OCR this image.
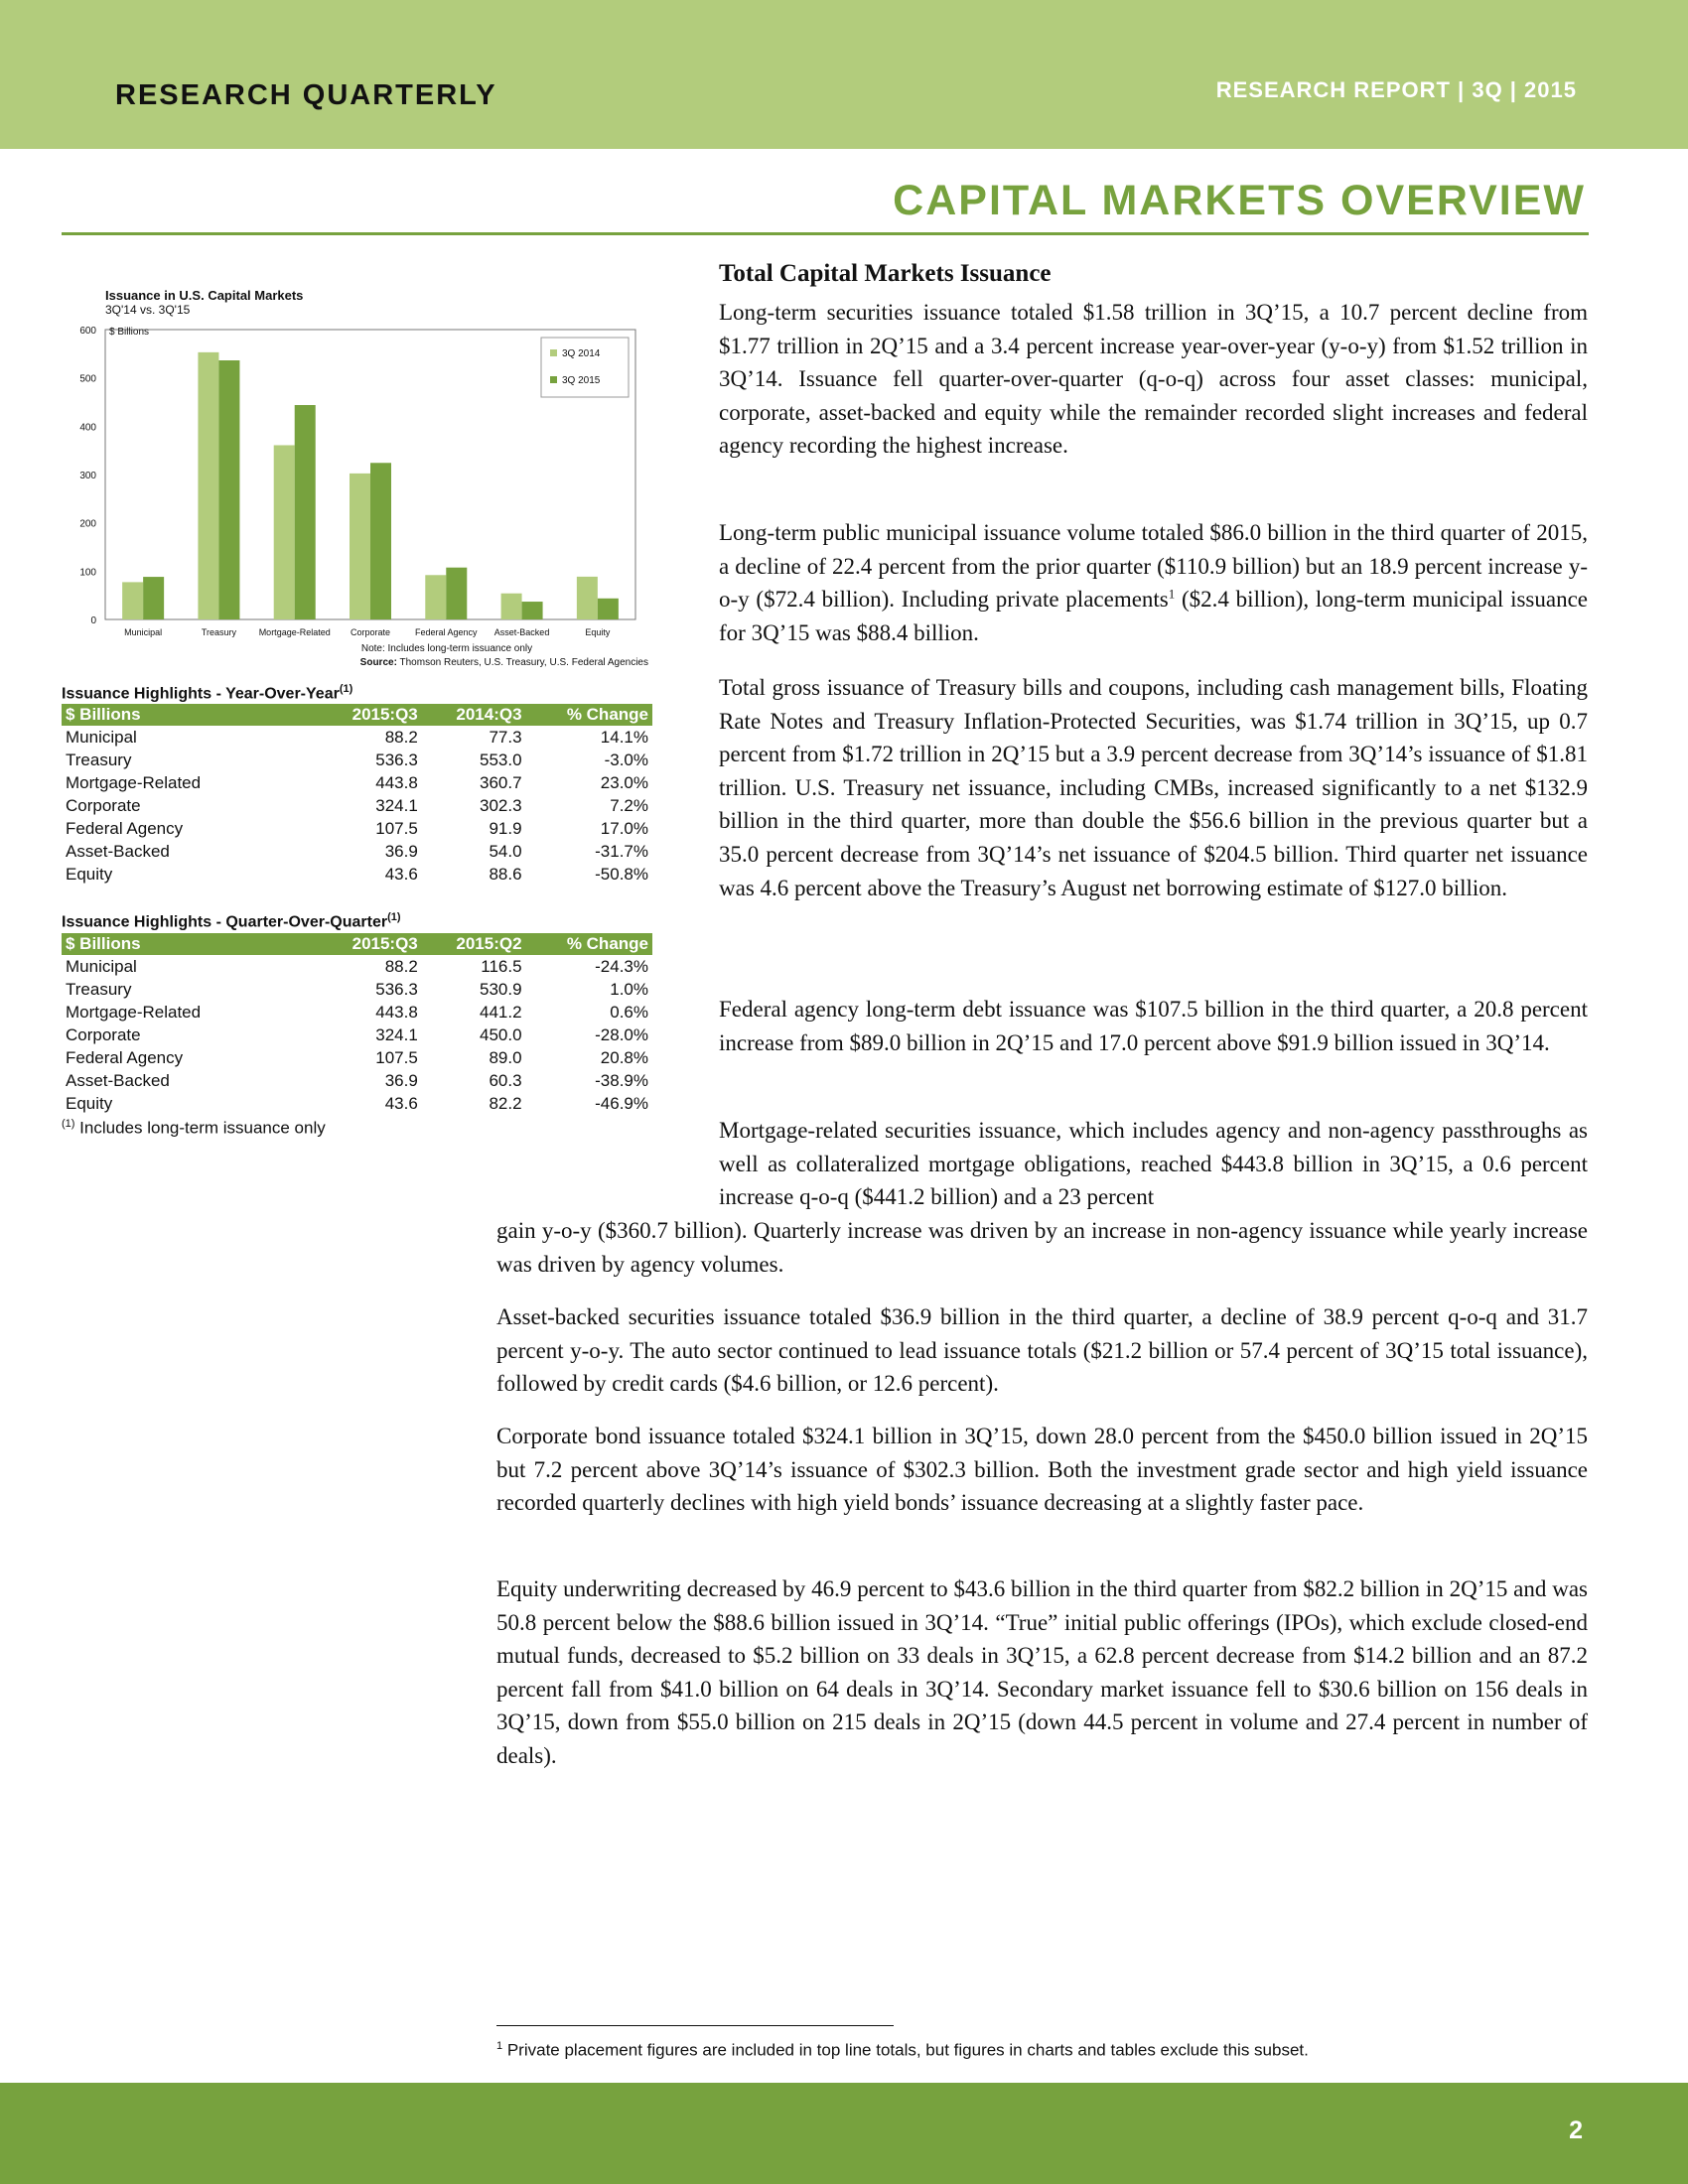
RESEARCH QUARTERLY	RESEARCH REPORT | 3Q | 2015
CAPITAL MARKETS OVERVIEW
Issuance in U.S. Capital Markets
3Q'14 vs. 3Q'15
$ Billions
0
100
200
300
400
500
600
Municipal	Treasury	Mortgage-Related Corporate	Federal Agency Asset-Backed	Equity
3Q 2014
3Q 2015
Note: Includes long-term issuance only
Source: Thomson Reuters, U.S. Treasury, U.S. Federal Agencies
Issuance Highlights - Year-Over-Year$^{(1)}$
$ Billions	2015:Q3	2014:Q3	% Change
Municipal	88.2	77.3	14.1%
Treasury	536.3	553.0	-3.0%
Mortgage-Related	443.8	360.7	23.0%
Corporate	324.1	302.3	7.2%
Federal Agency	107.5	91.9	17.0%
Asset-Backed	36.9	54.0	-31.7%
Equity	43.6	88.6	-50.8%
Issuance Highlights - Quarter-Over-Quarter$^{(1)}$
$ Billions	2015:Q3	2015:Q2	% Change
Municipal	88.2	116.5	-24.3%
Treasury	536.3	530.9	1.0%
Mortgage-Related	443.8	441.2	0.6%
Corporate	324.1	450.0	-28.0%
Federal Agency	107.5	89.0	20.8%
Asset-Backed	36.9	60.3	-38.9%
Equity	43.6	82.2	-46.9%
$^{(1)}$ Includes long-term issuance only
Total Capital Markets Issuance

Long-term securities issuance totaled $1.58 trillion in 3Q’15, a 10.7 percent decline from $1.77 trillion in 2Q’15 and a 3.4 percent increase year-over-year (y-o-y) from $1.52 trillion in 3Q’14. Issuance fell quarter-over-quarter (q-o-q) across four asset classes: municipal, corporate, asset-backed and equity while the remainder recorded slight increases and federal agency recording the highest increase.

Long-term public municipal issuance volume totaled $86.0 billion in the third quarter of 2015, a decline of 22.4 percent from the prior quarter ($110.9 billion) but an 18.9 percent increase y-o-y ($72.4 billion). Including private placements$^1$ ($2.4 billion), long-term municipal issuance for 3Q’15 was $88.4 billion.

Total gross issuance of Treasury bills and coupons, including cash management bills, Floating Rate Notes and Treasury Inflation-Protected Securities, was $1.74 trillion in 3Q’15, up 0.7 percent from $1.72 trillion in 2Q’15 but a 3.9 percent decrease from 3Q’14’s issuance of $1.81 trillion. U.S. Treasury net issuance, including CMBs, increased significantly to a net $132.9 billion in the third quarter, more than double the $56.6 billion in the previous quarter but a 35.0 percent decrease from 3Q’14’s net issuance of $204.5 billion. Third quarter net issuance was 4.6 percent above the Treasury’s August net borrowing estimate of $127.0 billion.

Federal agency long-term debt issuance was $107.5 billion in the third quarter, a 20.8 percent increase from $89.0 billion in 2Q’15 and 17.0 percent above $91.9 billion issued in 3Q’14.

Mortgage-related securities issuance, which includes agency and non-agency passthroughs as well as collateralized mortgage obligations, reached $443.8 billion in 3Q’15, a 0.6 percent increase q-o-q ($441.2 billion) and a 23 percent

gain y-o-y ($360.7 billion). Quarterly increase was driven by an increase in non-agency issuance while yearly increase was driven by agency volumes.

Asset-backed securities issuance totaled $36.9 billion in the third quarter, a decline of 38.9 percent q-o-q and 31.7 percent y-o-y. The auto sector continued to lead issuance totals ($21.2 billion or 57.4 percent of 3Q’15 total issuance), followed by credit cards ($4.6 billion, or 12.6 percent).

Corporate bond issuance totaled $324.1 billion in 3Q’15, down 28.0 percent from the $450.0 billion issued in 2Q’15 but 7.2 percent above 3Q’14’s issuance of $302.3 billion. Both the investment grade sector and high yield issuance recorded quarterly declines with high yield bonds’ issuance decreasing at a slightly faster pace.

Equity underwriting decreased by 46.9 percent to $43.6 billion in the third quarter from $82.2 billion in 2Q’15 and was 50.8 percent below the $88.6 billion issued in 3Q’14. “True” initial public offerings (IPOs), which exclude closed-end mutual funds, decreased to $5.2 billion on 33 deals in 3Q’15, a 62.8 percent decrease from $14.2 billion and an 87.2 percent fall from $41.0 billion on 64 deals in 3Q’14. Secondary market issuance fell to $30.6 billion on 156 deals in 3Q’15, down from $55.0 billion on 215 deals in 2Q’15 (down 44.5 percent in volume and 27.4 percent in number of deals).

$^1$ Private placement figures are included in top line totals, but figures in charts and tables exclude this subset.
2
